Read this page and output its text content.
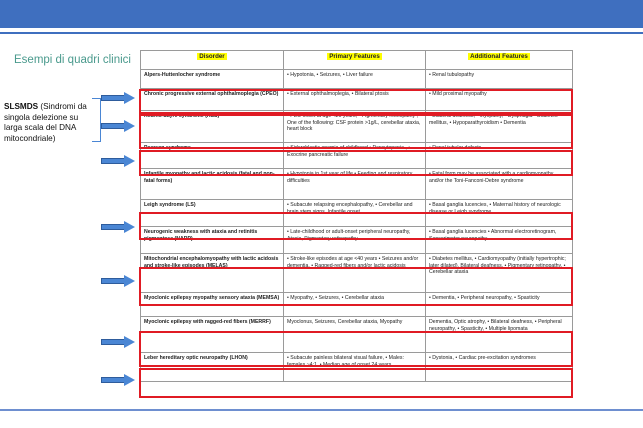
Esempi di quadri clinici
SLSMDS (Sindromi da singola delezione su larga scala del DNA mitocondriale)
Disorder	Primary Features	Additional Features
Alpers-Huttenlocher syndrome	• Hypotonia, • Seizures, • Liver failure	• Renal tubulopathy
Chronic progressive external ophthalmoplegia (CPEO)	• External ophthalmoplegia, • Bilateral ptosis	• Mild proximal myopathy
Kearns-Sayre syndrome (KSS)	• PEO onset at age <20 years, • Pigmentary retinopathy , • One of the following: CSF protein >1g/L, cerebellar ataxia, heart block	• Bilateral deafness, • Myopathy, • Dysphagia • Diabetes mellitus, • Hypoparathyroidism • Dementia
Pearson syndrome	• Sideroblastic anemia of childhood • Pancytopenia , • Exocrine pancreatic failure	• Renal tubular defects
Infantile myopathy and lactic acidosis (fatal and non-fatal forms)	• Hypotonia in 1st year of life • Feeding and respiratory difficulties	• Fatal form may be associated with a cardiomyopathy and/or the Toni-Fanconi-Debre syndrome
Leigh syndrome (LS)	• Subacute relapsing encephalopathy, • Cerebellar and brain stem signs, Infantile onset	• Basal ganglia lucencies, • Maternal history of neurologic disease or Leigh syndrome
Neurogenic weakness with ataxia and retinitis pigmentosa (NARP)	• Late-childhood or adult-onset peripheral neuropathy, Ataxia, Pigmentary retinopathy	• Basal ganglia lucencies • Abnormal electroretinogram, Sensorimotor neuropathy
Mitochondrial encephalomyopathy with lactic acidosis and stroke-like episodes (MELAS)	• Stroke-like episodes at age <40 years • Seizures and/or dementia, • Ragged-red fibers and/or lactic acidosis	• Diabetes mellitus, • Cardiomyopathy (initially hypertrophic; later dilated), Bilateral deafness, • Pigmentary retinopathy, • Cerebellar ataxia
Myoclonic epilepsy myopathy sensory ataxia (MEMSA)	• Myopathy, • Seizures, • Cerebellar ataxia	• Dementia, • Peripheral neuropathy, • Spasticity
Myoclonic epilepsy with ragged-red fibers (MERRF)	Myoclonus, Seizures, Cerebellar ataxia, Myopathy	Dementia, Optic atrophy, • Bilateral deafness, • Peripheral neuropathy, • Spasticity, • Multiple lipomata
Leber hereditary optic neuropathy (LHON)	• Subacute painless bilateral visual failure, • Males: females ~4:1, • Median age of onset 24 years	• Dystonia, • Cardiac pre-excitation syndromes
